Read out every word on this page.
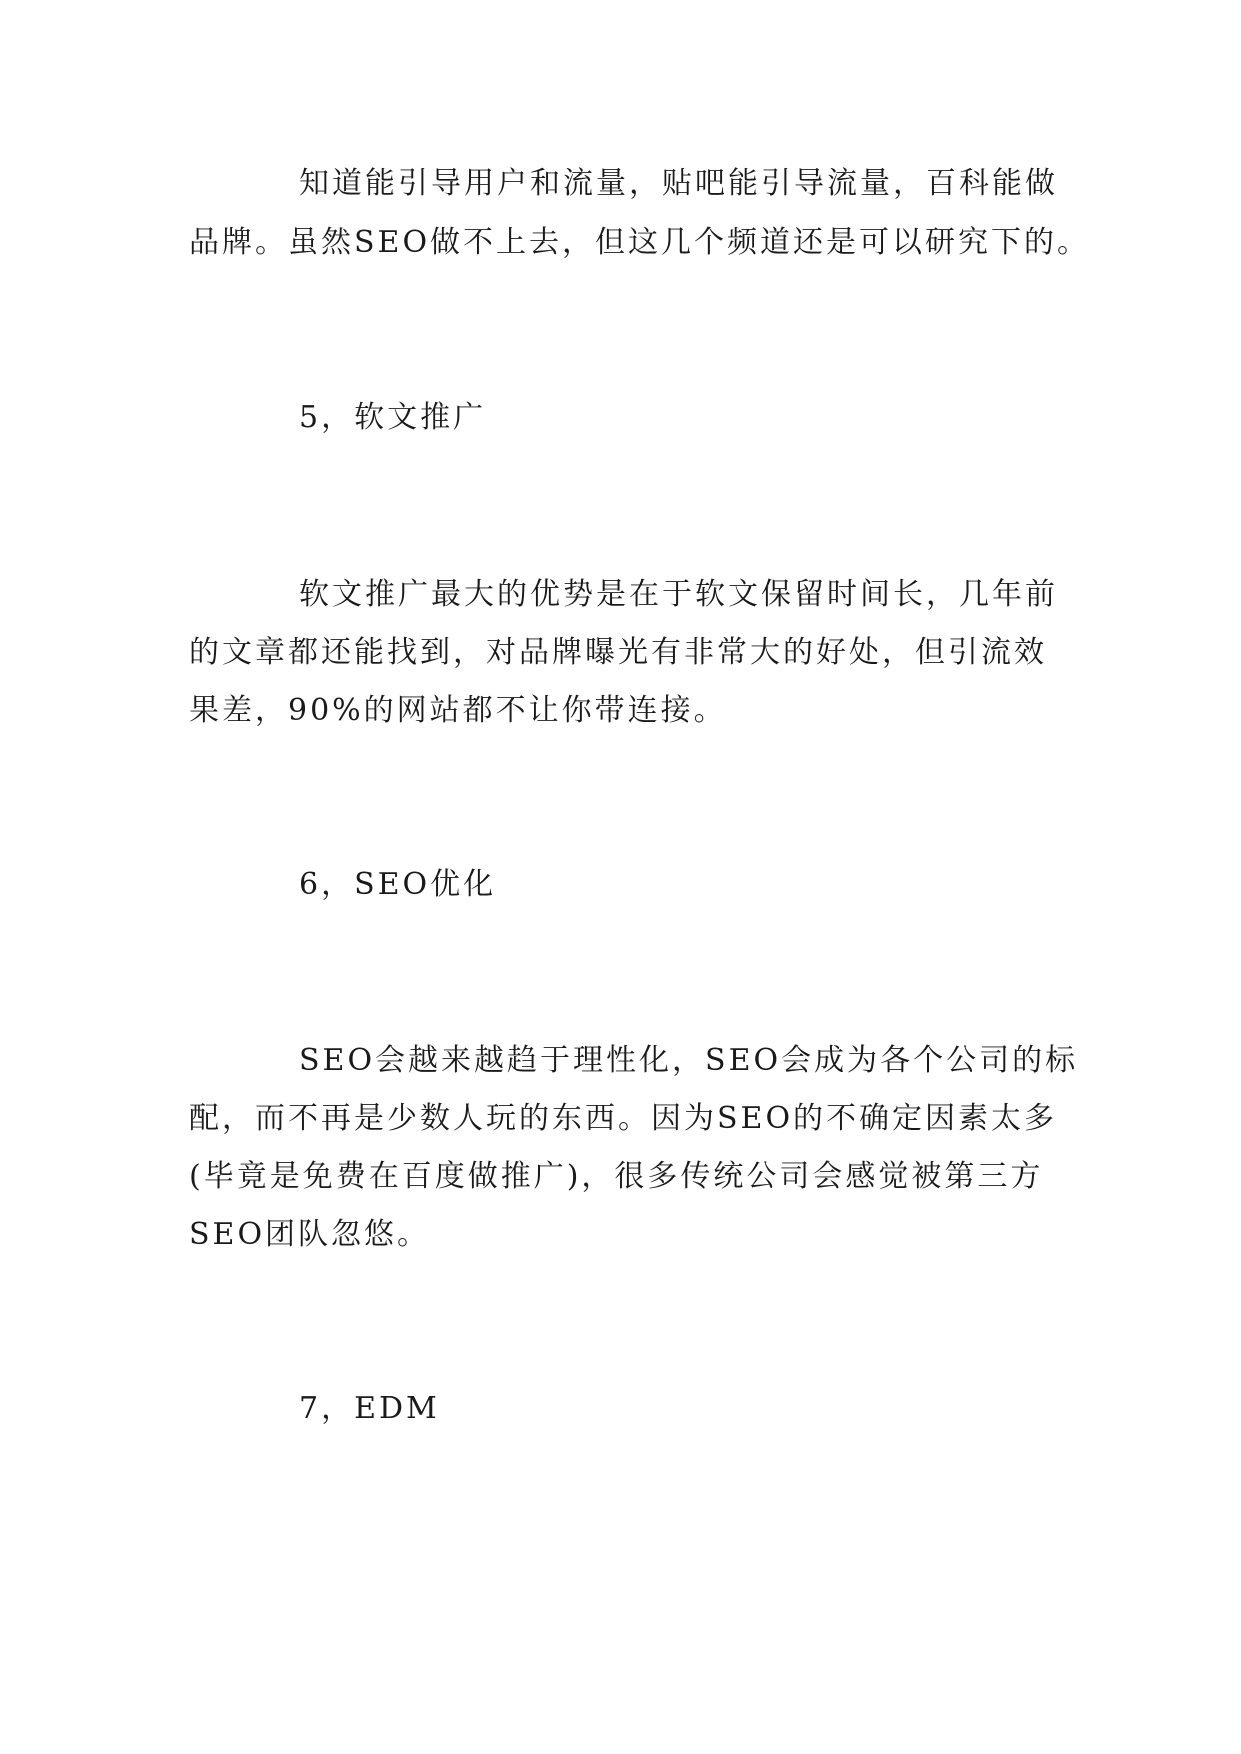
知道能引导用户和流量，贴吧能引导流量，百科能做
品牌。虽然SEO做不上去，但这几个频道还是可以研究下的。
5，软文推广
软文推广最大的优势是在于软文保留时间长，几年前
的文章都还能找到，对品牌曝光有非常大的好处，但引流效
果差，90%的网站都不让你带连接。
6，SEO优化
SEO会越来越趋于理性化，SEO会成为各个公司的标
配，而不再是少数人玩的东西。因为SEO的不确定因素太多
(毕竟是免费在百度做推广)，很多传统公司会感觉被第三方
SEO团队忽悠。
7，EDM
